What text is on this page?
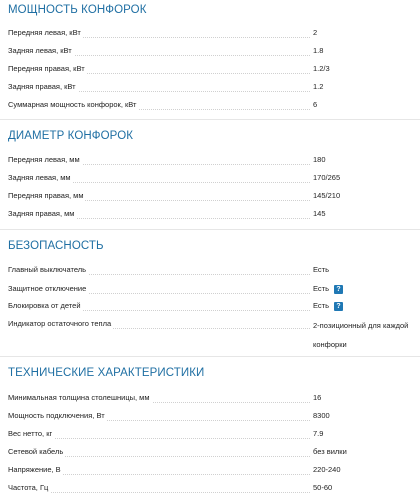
МОЩНОСТЬ КОНФОРОК
Передняя левая, кВт	2
Задняя левая, кВт	1.8
Передняя правая, кВт	1.2/3
Задняя правая, кВт	1.2
Суммарная мощность конфорок, кВт	6
ДИАМЕТР КОНФОРОК
Передняя левая, мм	180
Задняя левая, мм	170/265
Передняя правая, мм	145/210
Задняя правая, мм	145
БЕЗОПАСНОСТЬ
Главный выключатель	Есть
Защитное отключение	Есть	?
Блокировка от детей	Есть	?
Индикатор остаточного тепла	2-позиционный для каждой конфорки
ТЕХНИЧЕСКИЕ ХАРАКТЕРИСТИКИ
Минимальная толщина столешницы, мм	16
Мощность подключения, Вт	8300
Вес нетто, кг	7.9
Сетевой кабель	без вилки
Напряжение, В	220-240
Частота, Гц	50-60
